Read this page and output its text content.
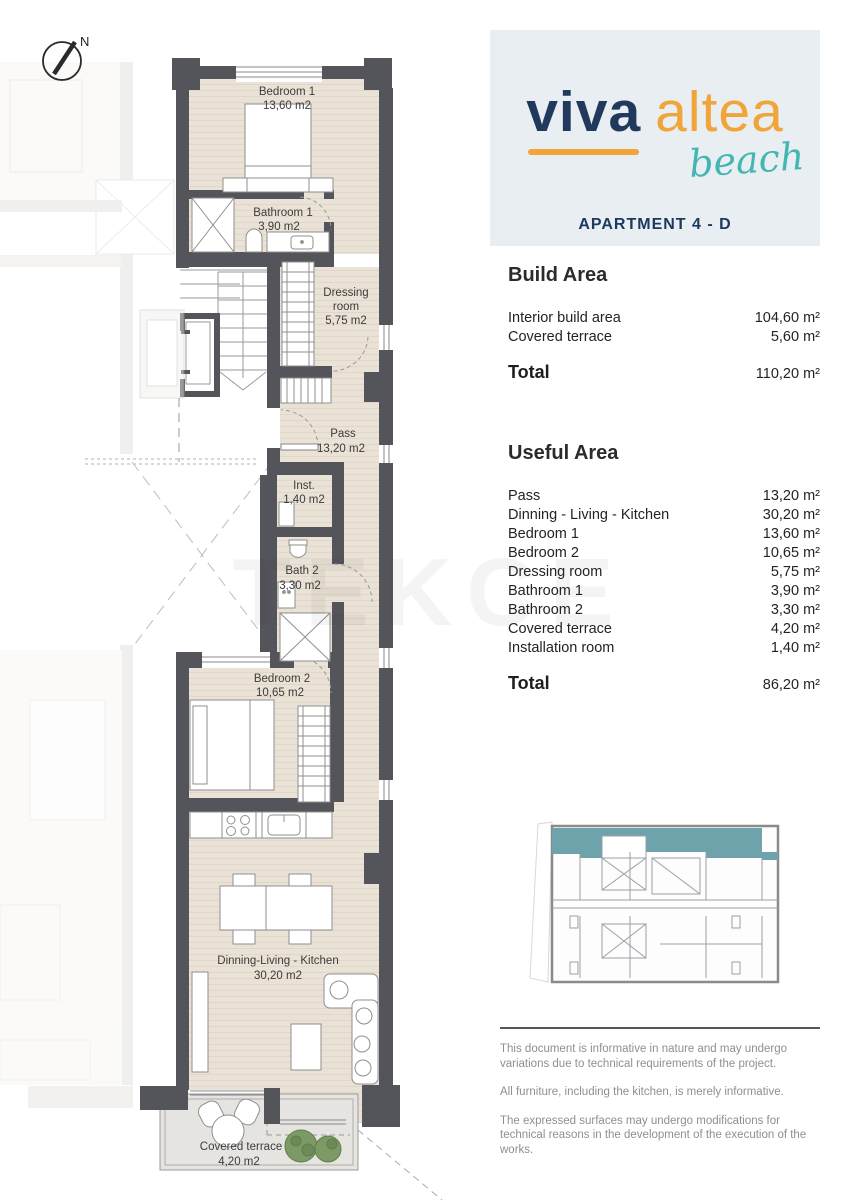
Bedroom 1
13,60 m2
Bathroom 1
3,90 m2
Dressing
room
5,75 m2
Pass
13,20 m2
Inst.
1,40 m2
Bath 2
3,30 m2
Bedroom 2
10,65 m2
Dinning-Living - Kitchen
30,20 m2
Covered terrace
4,20 m2
N
viva altea
beach
APARTMENT 4 - D
Build Area
Interior build area	104,60 m²
Covered terrace	5,60 m²
Total	110,20 m²
Useful Area
Pass	13,20 m²
Dinning - Living - Kitchen	30,20 m²
Bedroom 1	13,60 m²
Bedroom 2	10,65 m²
Dressing room	5,75 m²
Bathroom 1	3,90 m²
Bathroom 2	3,30 m²
Covered terrace	4,20 m²
Installation room	1,40 m²
Total	86,20 m²

This document is informative in nature and may undergo variations due to technical requirements of the project.

All furniture, including the kitchen, is merely informative.

The expressed surfaces may undergo modifications for technical reasons in the development of the execution of the works.
